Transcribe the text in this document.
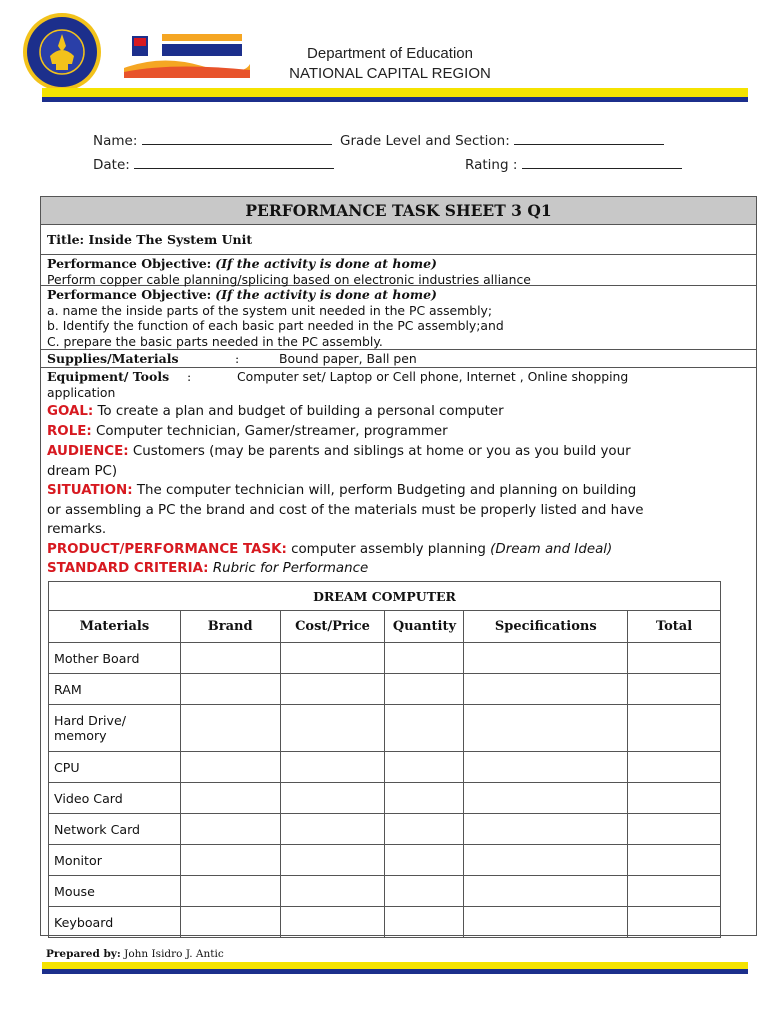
Department of Education
NATIONAL CAPITAL REGION
Name:	Grade Level and Section:
Date:	Rating :
PERFORMANCE TASK SHEET 3 Q1
Title: Inside The System Unit
Performance Objective: (If the activity is done at home)
Perform copper cable planning/splicing based on electronic industries alliance
Performance Objective: (If the activity is done at home)
a. name the inside parts of the system unit needed in the PC assembly;
b. Identify the function of each basic part needed in the PC assembly;and
C. prepare the basic parts needed in the PC assembly.
Supplies/Materials	:	Bound paper, Ball pen
Equipment/ Tools :	Computer set/ Laptop or Cell phone, Internet , Online shopping
application
GOAL: To create a plan and budget of building a personal computer
ROLE: Computer technician, Gamer/streamer, programmer
AUDIENCE: Customers (may be parents and siblings at home or you as you build your
dream PC)
SITUATION: The computer technician will, perform Budgeting and planning on building
or assembling a PC the brand and cost of the materials must be properly listed and have
remarks.
PRODUCT/PERFORMANCE TASK: computer assembly planning (Dream and Ideal)
STANDARD CRITERIA: Rubric for Performance
DREAM COMPUTER					
Materials	Brand	Cost/Price	Quantity	Specifications	Total
Mother Board					
RAM					
Hard Drive/ memory					
CPU					
Video Card					
Network Card					
Monitor					
Mouse					
Keyboard					
Prepared by: John Isidro J. Antic
